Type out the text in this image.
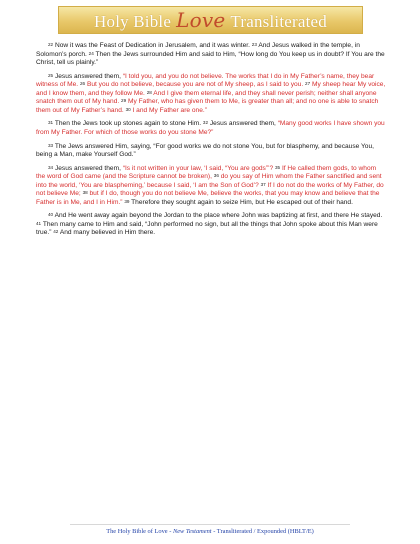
Holy Bible Love Transliterated

$^{22}$ Now it was the Feast of Dedication in Jerusalem, and it was winter. $^{23}$ And Jesus walked in the temple, in Solomon’s porch. $^{24}$ Then the Jews surrounded Him and said to Him, “How long do You keep us in doubt? If You are the Christ, tell us plainly.”

$^{25}$ Jesus answered them, “I told you, and you do not believe. The works that I do in My Father’s name, they bear witness of Me. $^{26}$ But you do not believe, because you are not of My sheep, as I said to you. $^{27}$ My sheep hear My voice, and I know them, and they follow Me. $^{28}$ And I give them eternal life, and they shall never perish; neither shall anyone snatch them out of My hand. $^{29}$ My Father, who has given them to Me, is greater than all; and no one is able to snatch them out of My Father’s hand. $^{30}$ I and My Father are one.”

$^{31}$ Then the Jews took up stones again to stone Him. $^{32}$ Jesus answered them, “Many good works I have shown you from My Father. For which of those works do you stone Me?”

$^{33}$ The Jews answered Him, saying, “For good works we do not stone You, but for blasphemy, and because You, being a Man, make Yourself God.”

$^{34}$ Jesus answered them, “Is it not written in your law, ‘I said, “You are gods”’? $^{35}$ If He called them gods, to whom the word of God came (and the Scripture cannot be broken), $^{36}$ do you say of Him whom the Father sanctified and sent into the world, ‘You are blaspheming,’ because I said, ‘I am the Son of God’? $^{37}$ If I do not do the works of My Father, do not believe Me; $^{38}$ but if I do, though you do not believe Me, believe the works, that you may know and believe that the Father is in Me, and I in Him.” $^{39}$ Therefore they sought again to seize Him, but He escaped out of their hand.

$^{40}$ And He went away again beyond the Jordan to the place where John was baptizing at first, and there He stayed. $^{41}$ Then many came to Him and said, “John performed no sign, but all the things that John spoke about this Man were true.” $^{42}$ And many believed in Him there.

The Holy Bible of Love - New Testament - Transliterated / Expounded (HBLT/E)
